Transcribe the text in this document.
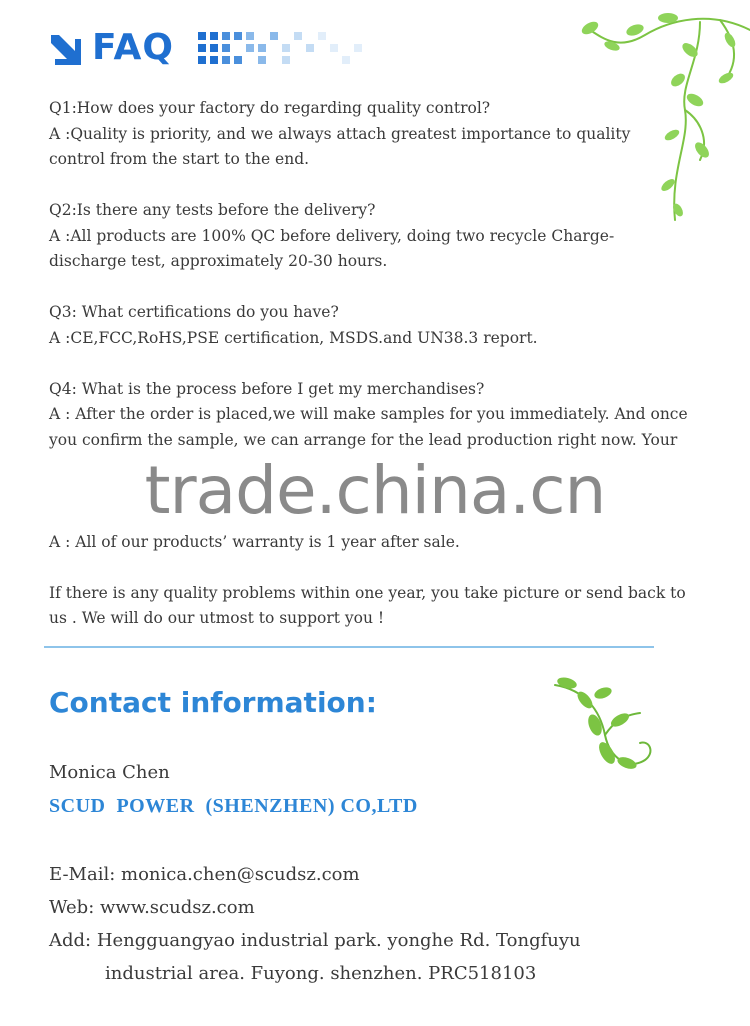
FAQ

Q1:How does your factory do regarding quality control?
A :Quality is priority, and we always attach greatest importance to quality control from the start to the end.

Q2:Is there any tests before the delivery?
A :All products are 100% QC before delivery, doing two recycle Charge-discharge test, approximately 20-30 hours.

Q3: What certifications do you have?
A :CE,FCC,RoHS,PSE certification, MSDS.and UN38.3 report.

Q4: What is the process before I get my merchandises?
A : After the order is placed,we will make samples for you immediately. And once you confirm the sample, we can arrange for the lead production right now. Your

A : All of our products’ warranty is 1 year after sale.

If there is any quality problems within one year, you take picture or send back to us . We will do our utmost to support you !

trade.china.cn
Contact information:
Monica Chen
SCUD  POWER  (SHENZHEN) CO,LTD
E-Mail: monica.chen@scudsz.com
Web: www.scudsz.com
Add: Hengguangyao industrial park. yonghe Rd. Tongfuyu
industrial area. Fuyong. shenzhen. PRC518103
